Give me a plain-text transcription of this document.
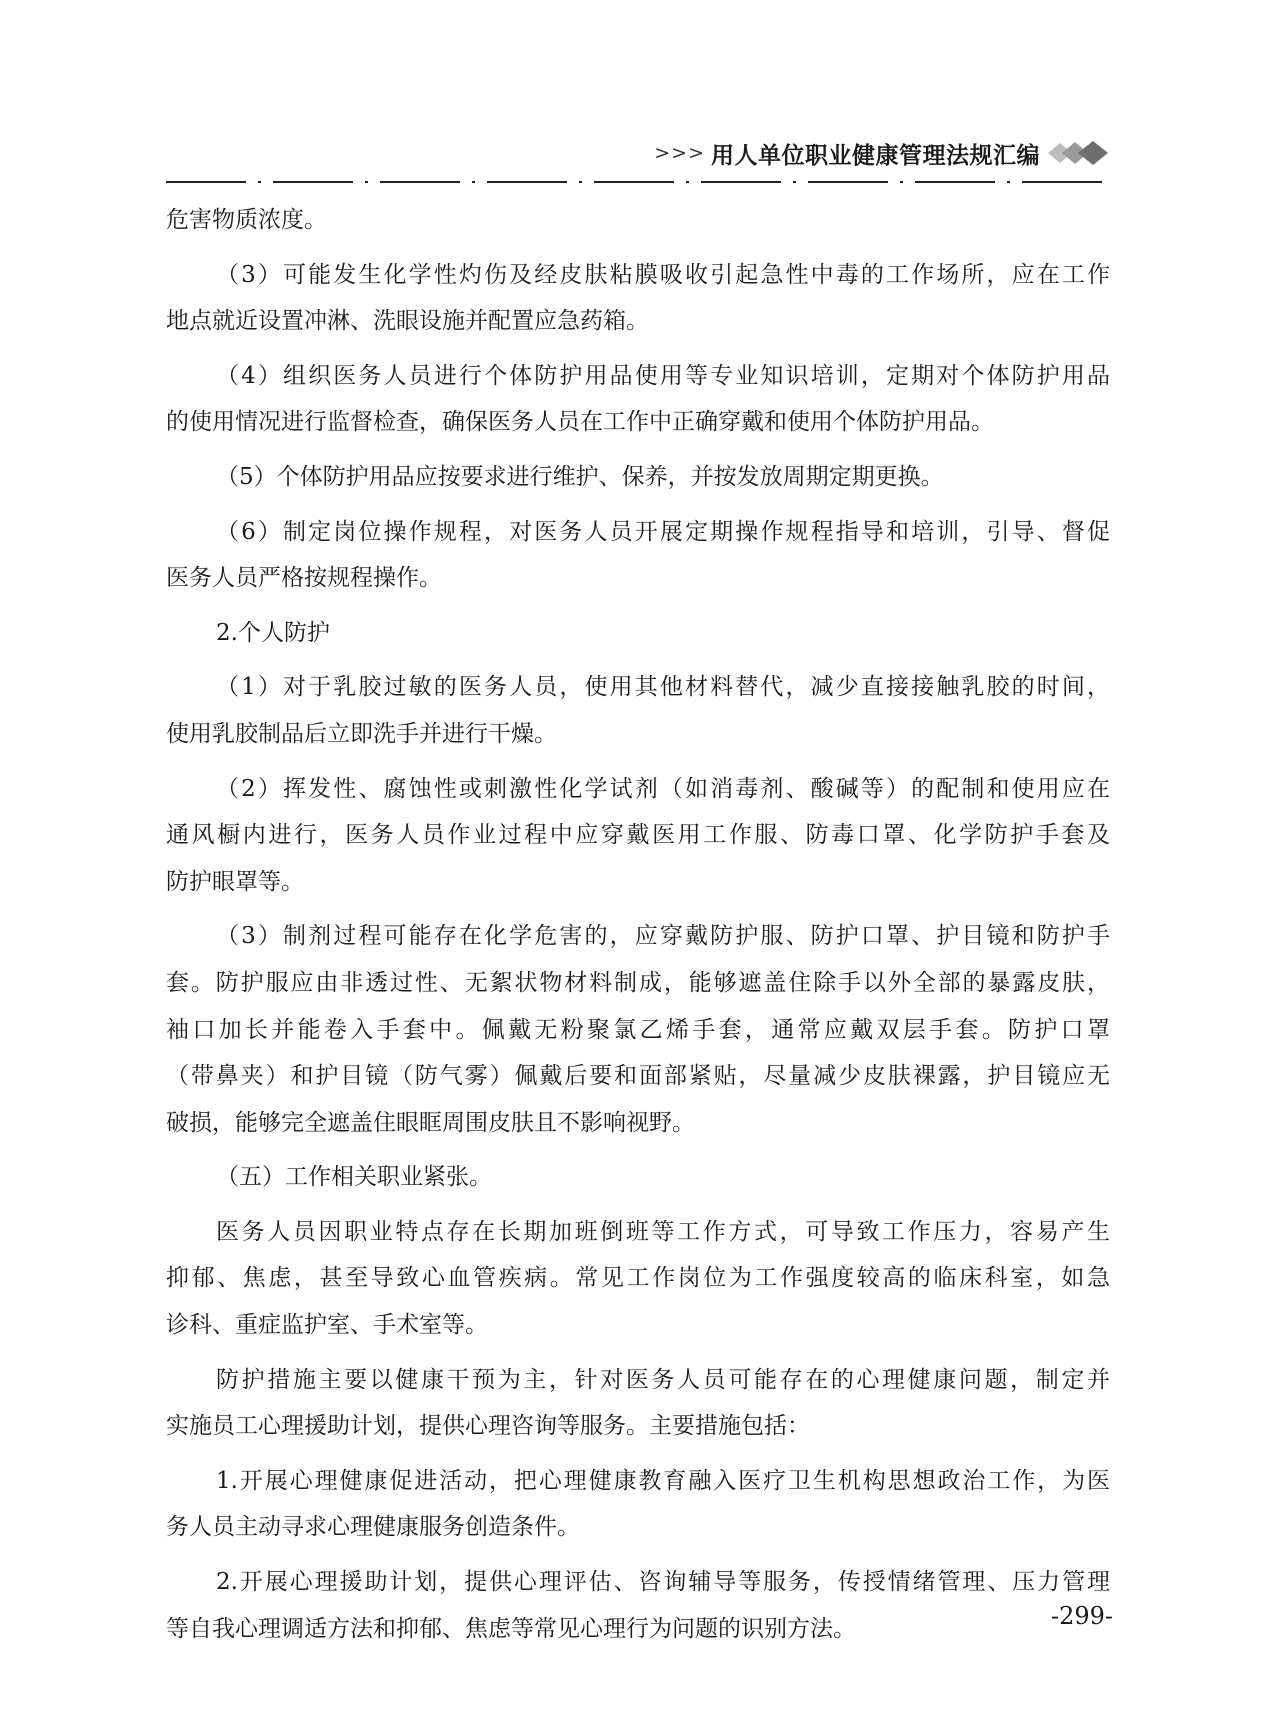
>>> 用人单位职业健康管理法规汇编
危害物质浓度。
（3）可能发生化学性灼伤及经皮肤粘膜吸收引起急性中毒的工作场所，应在工作
地点就近设置冲淋、洗眼设施并配置应急药箱。
（4）组织医务人员进行个体防护用品使用等专业知识培训，定期对个体防护用品
的使用情况进行监督检查，确保医务人员在工作中正确穿戴和使用个体防护用品。
（5）个体防护用品应按要求进行维护、保养，并按发放周期定期更换。
（6）制定岗位操作规程，对医务人员开展定期操作规程指导和培训，引导、督促
医务人员严格按规程操作。
2.个人防护
（1）对于乳胶过敏的医务人员，使用其他材料替代，减少直接接触乳胶的时间，
使用乳胶制品后立即洗手并进行干燥。
（2）挥发性、腐蚀性或刺激性化学试剂（如消毒剂、酸碱等）的配制和使用应在
通风橱内进行，医务人员作业过程中应穿戴医用工作服、防毒口罩、化学防护手套及
防护眼罩等。
（3）制剂过程可能存在化学危害的，应穿戴防护服、防护口罩、护目镜和防护手
套。防护服应由非透过性、无絮状物材料制成，能够遮盖住除手以外全部的暴露皮肤，
袖口加长并能卷入手套中。佩戴无粉聚氯乙烯手套，通常应戴双层手套。防护口罩
（带鼻夹）和护目镜（防气雾）佩戴后要和面部紧贴，尽量减少皮肤裸露，护目镜应无
破损，能够完全遮盖住眼眶周围皮肤且不影响视野。
（五）工作相关职业紧张。
医务人员因职业特点存在长期加班倒班等工作方式，可导致工作压力，容易产生
抑郁、焦虑，甚至导致心血管疾病。常见工作岗位为工作强度较高的临床科室，如急
诊科、重症监护室、手术室等。
防护措施主要以健康干预为主，针对医务人员可能存在的心理健康问题，制定并
实施员工心理援助计划，提供心理咨询等服务。主要措施包括：
1.开展心理健康促进活动，把心理健康教育融入医疗卫生机构思想政治工作，为医
务人员主动寻求心理健康服务创造条件。
2.开展心理援助计划，提供心理评估、咨询辅导等服务，传授情绪管理、压力管理
等自我心理调适方法和抑郁、焦虑等常见心理行为问题的识别方法。	-299-
